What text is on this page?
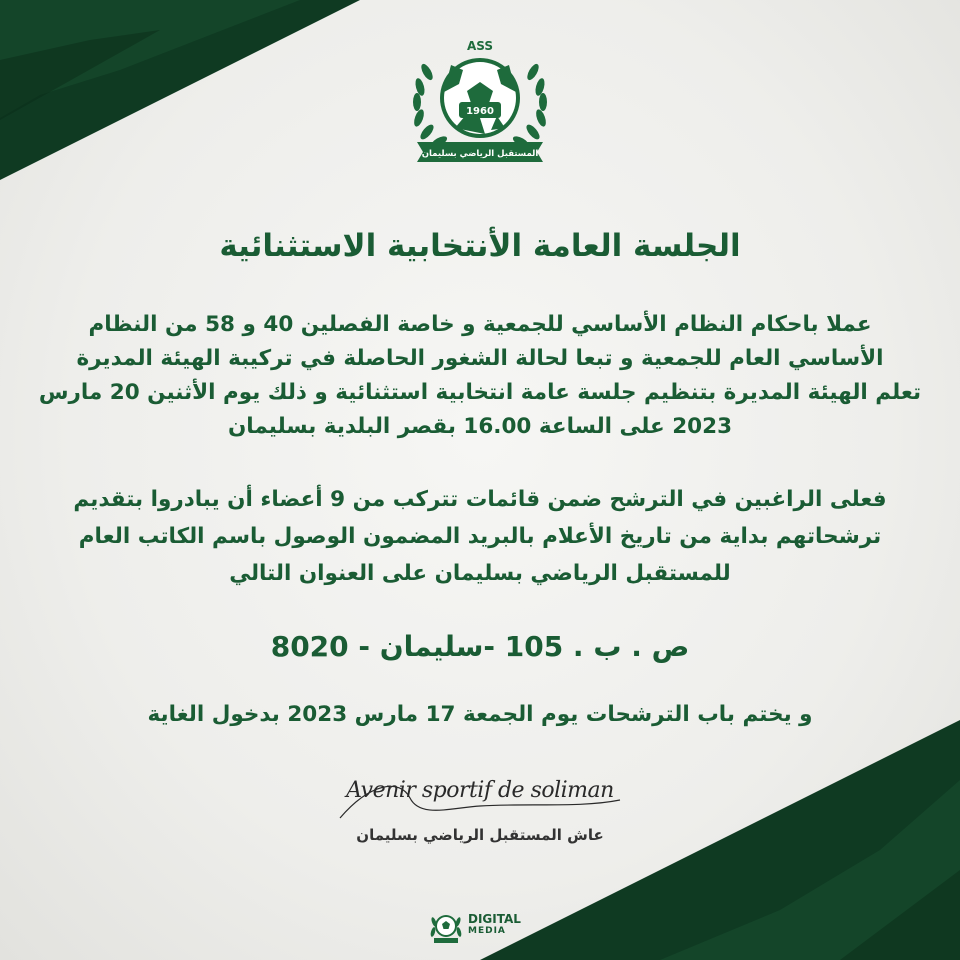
1960
ASS
المستقبل الرياضي بسليمان
الجلسة العامة الأنتخابية الاستثنائية
عملا باحكام النظام الأساسي للجمعية و خاصة الفصلين 40 و 58 من النظام
الأساسي العام للجمعية و تبعا لحالة الشغور الحاصلة في تركيبة الهيئة المديرة
تعلم الهيئة المديرة بتنظيم جلسة عامة انتخابية استثنائية و ذلك يوم الأثنين 20 مارس
2023 على الساعة 16.00 بقصر البلدية بسليمان
فعلى الراغبين في الترشح ضمن قائمات تتركب من 9 أعضاء أن يبادروا بتقديم
ترشحاتهم بداية من تاريخ الأعلام بالبريد المضمون الوصول باسم الكاتب العام
للمستقبل الرياضي بسليمان على العنوان التالي
ص . ب . 105 -سليمان - 8020
و يختم باب الترشحات يوم الجمعة 17 مارس 2023 بدخول الغاية
Avenir sportif de soliman
عاش المستقبل الرياضي بسليمان
DIGITAL
MEDIA
